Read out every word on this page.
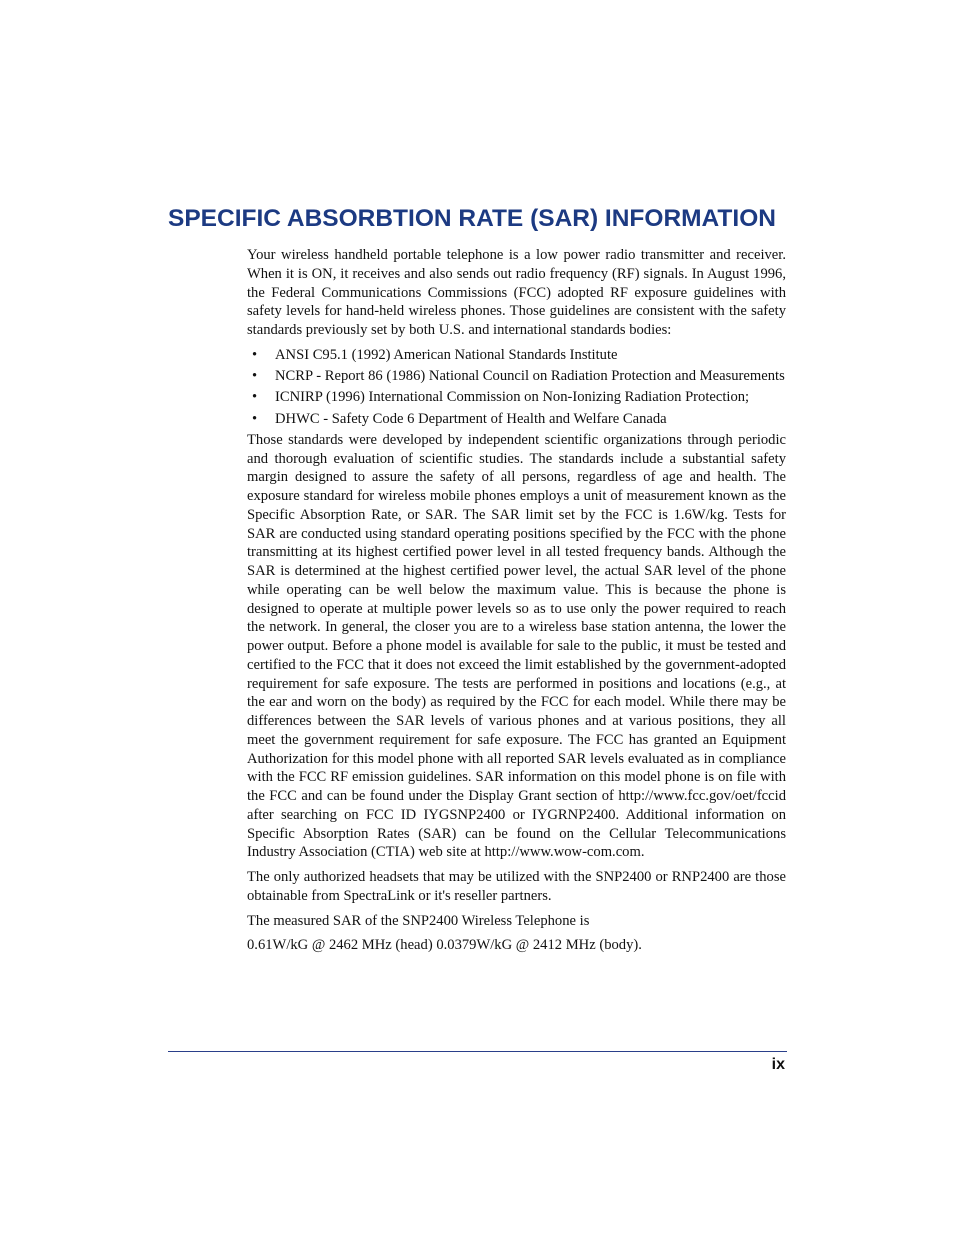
SPECIFIC ABSORBTION RATE (SAR) INFORMATION

Your wireless handheld portable telephone is a low power radio transmitter and receiver. When it is ON, it receives and also sends out radio frequency (RF) signals. In August 1996, the Federal Communications Commissions (FCC) adopted RF exposure guidelines with safety levels for hand-held wireless phones. Those guidelines are consistent with the safety standards previously set by both U.S. and international standards bodies:

• ANSI C95.1 (1992) American National Standards Institute
• NCRP - Report 86 (1986) National Council on Radiation Protection and Measurements
• ICNIRP (1996) International Commission on Non-Ionizing Radiation Protection;
• DHWC - Safety Code 6 Department of Health and Welfare Canada

Those standards were developed by independent scientific organizations through periodic and thorough evaluation of scientific studies. The standards include a substantial safety margin designed to assure the safety of all persons, regardless of age and health. The exposure standard for wireless mobile phones employs a unit of measurement known as the Specific Absorption Rate, or SAR. The SAR limit set by the FCC is 1.6W/kg. Tests for SAR are conducted using standard operating positions specified by the FCC with the phone transmitting at its highest certified power level in all tested frequency bands. Although the SAR is determined at the highest certified power level, the actual SAR level of the phone while operating can be well below the maximum value. This is because the phone is designed to operate at multiple power levels so as to use only the power required to reach the network. In general, the closer you are to a wireless base station antenna, the lower the power output. Before a phone model is available for sale to the public, it must be tested and certified to the FCC that it does not exceed the limit established by the government-adopted requirement for safe exposure. The tests are performed in positions and locations (e.g., at the ear and worn on the body) as required by the FCC for each model. While there may be differences between the SAR levels of various phones and at various positions, they all meet the government requirement for safe exposure. The FCC has granted an Equipment Authorization for this model phone with all reported SAR levels evaluated as in compliance with the FCC RF emission guidelines. SAR information on this model phone is on file with the FCC and can be found under the Display Grant section of http://www.fcc.gov/oet/fccid after searching on FCC ID IYGSNP2400 or IYGRNP2400. Additional information on Specific Absorption Rates (SAR) can be found on the Cellular Telecommunications Industry Association (CTIA) web site at http://www.wow-com.com.

The only authorized headsets that may be utilized with the SNP2400 or RNP2400 are those obtainable from SpectraLink or it's reseller partners.

The measured SAR of the SNP2400 Wireless Telephone is

0.61W/kG @ 2462 MHz (head) 0.0379W/kG @ 2412 MHz (body).

ix
